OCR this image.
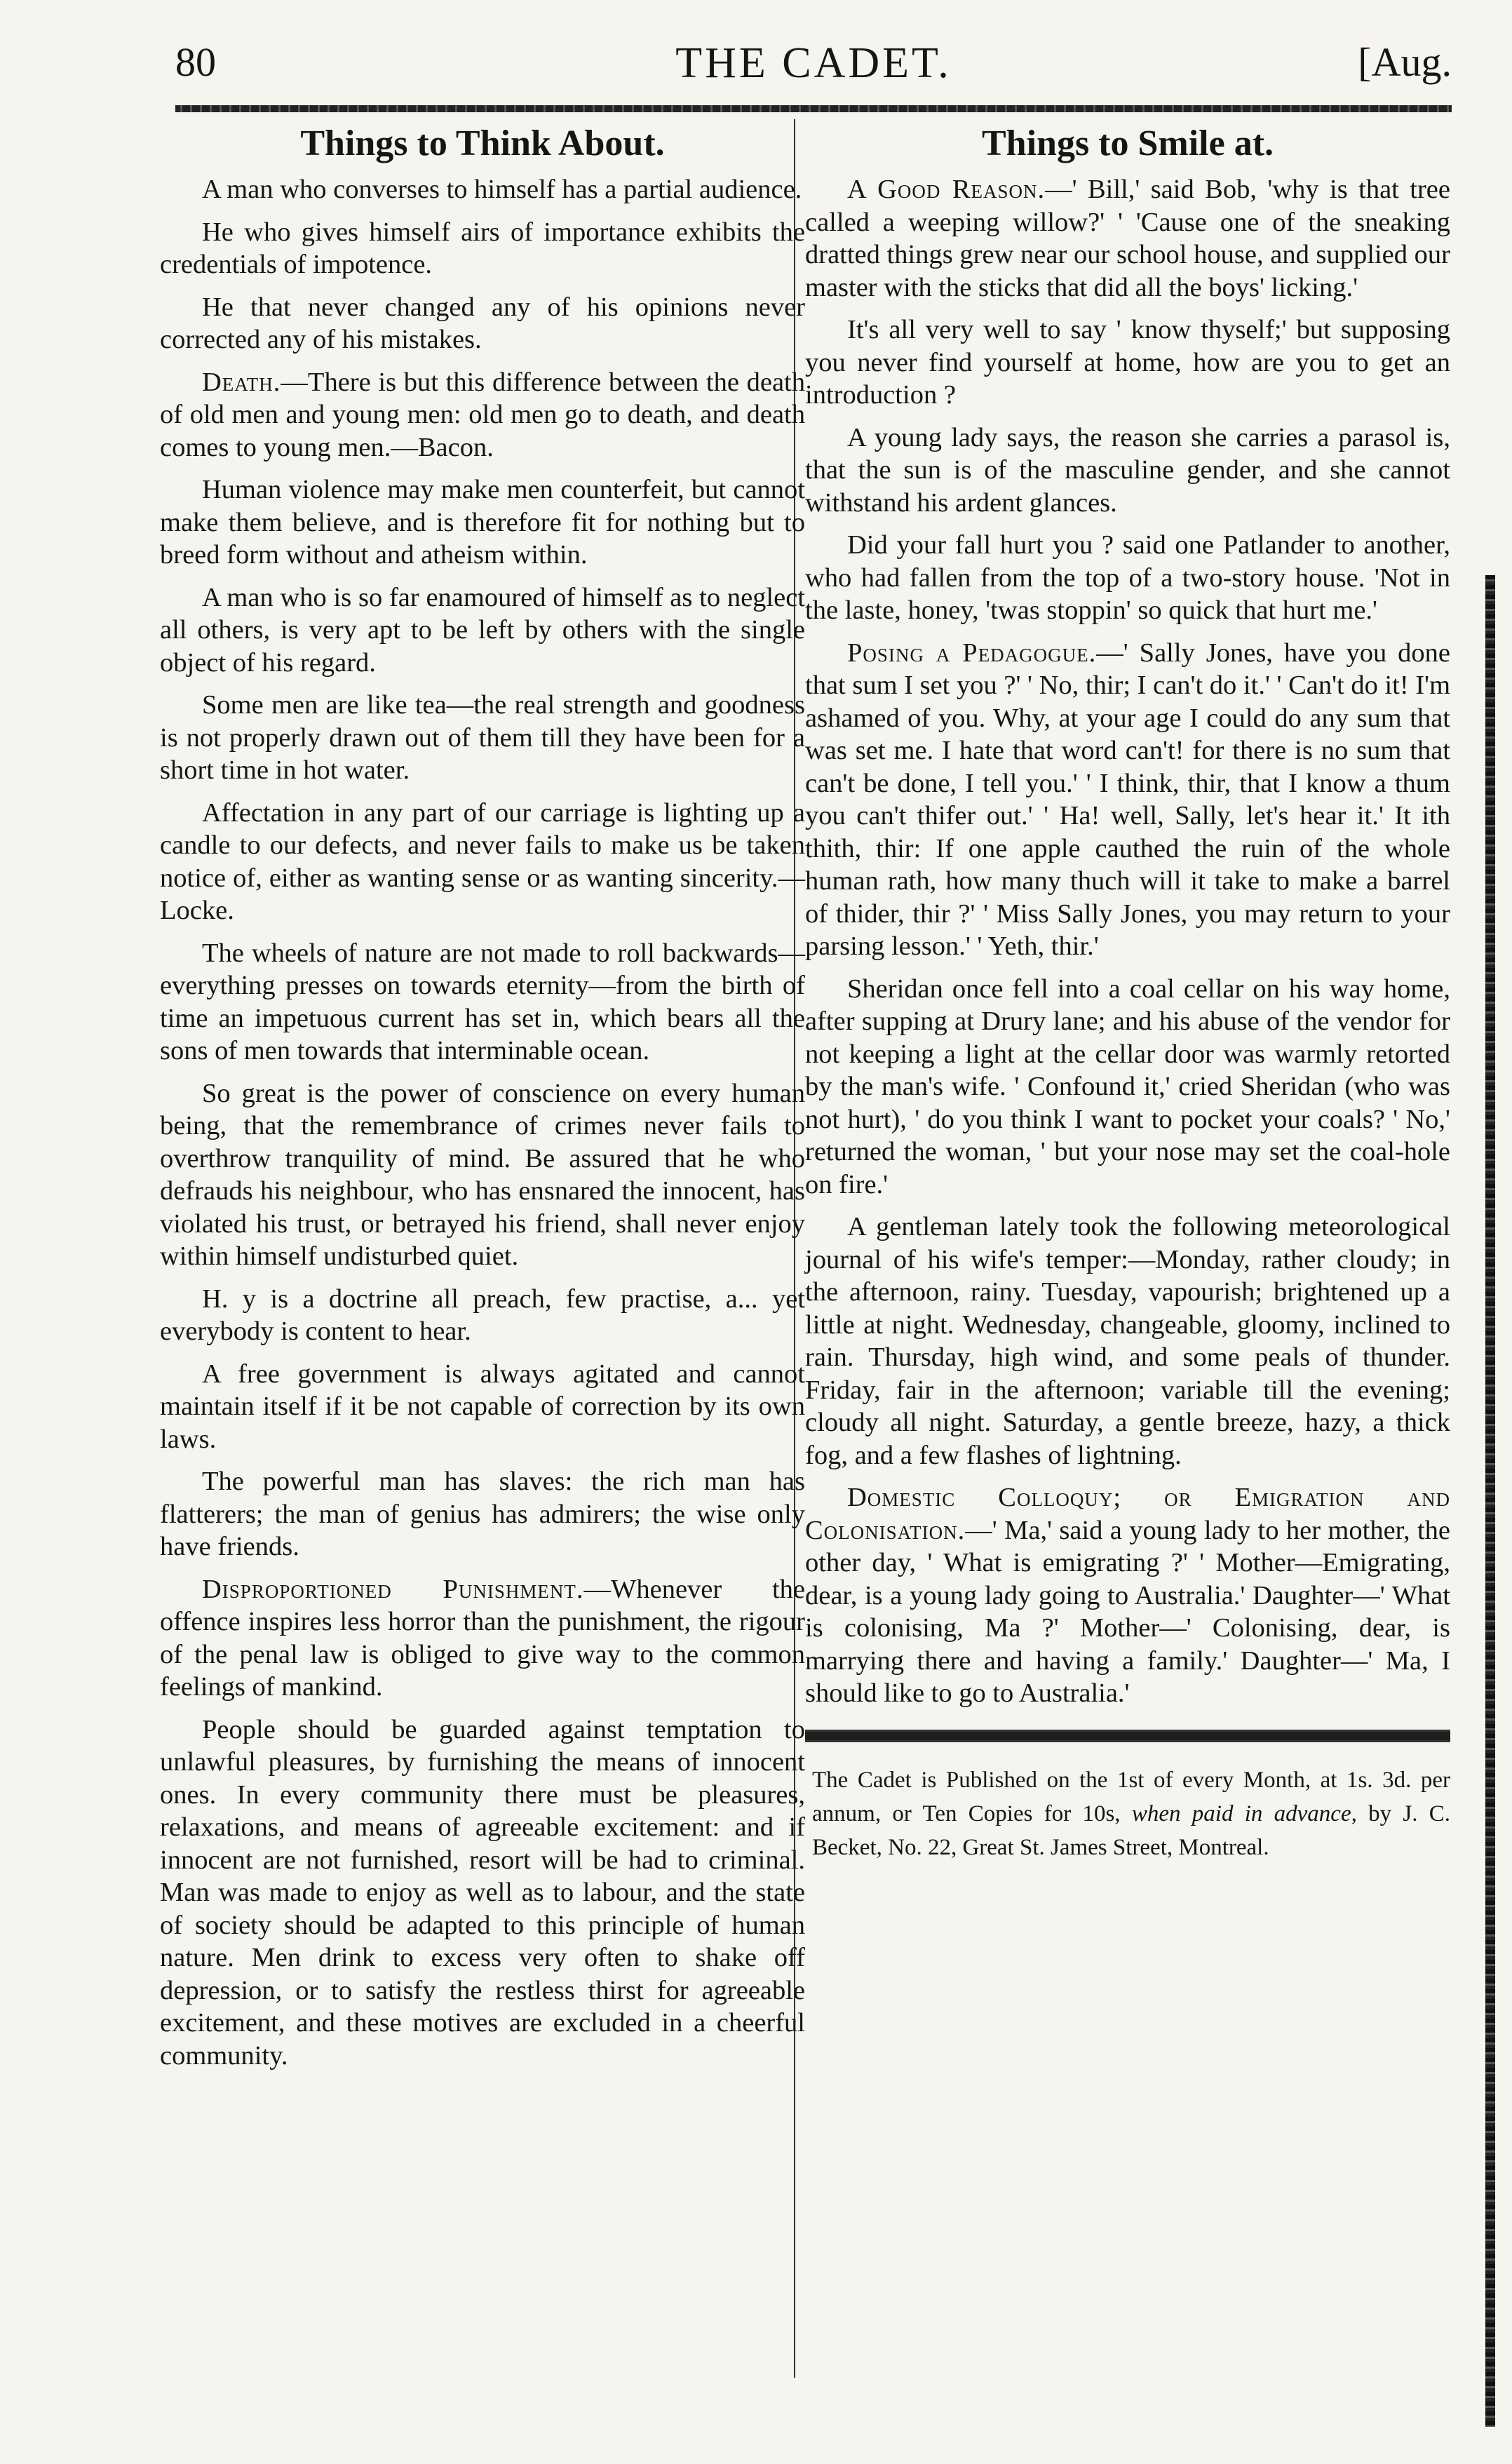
80	THE CADET.	[Aug.
Things to Think About.

A man who converses to himself has a partial audience.

He who gives himself airs of importance exhibits the credentials of impotence.

He that never changed any of his opinions never corrected any of his mistakes.

Death.—There is but this difference between the death of old men and young men: old men go to death, and death comes to young men.—Bacon.

Human violence may make men counterfeit, but cannot make them believe, and is therefore fit for nothing but to breed form without and atheism within.

A man who is so far enamoured of himself as to neglect all others, is very apt to be left by others with the single object of his regard.

Some men are like tea—the real strength and goodness is not properly drawn out of them till they have been for a short time in hot water.

Affectation in any part of our carriage is lighting up a candle to our defects, and never fails to make us be taken notice of, either as wanting sense or as wanting sincerity.—Locke.

The wheels of nature are not made to roll backwards—everything presses on towards eternity—from the birth of time an impetuous current has set in, which bears all the sons of men towards that interminable ocean.

So great is the power of conscience on every human being, that the remembrance of crimes never fails to overthrow tranquility of mind. Be assured that he who defrauds his neighbour, who has ensnared the innocent, has violated his trust, or betrayed his friend, shall never enjoy within himself undisturbed quiet.

H. y is a doctrine all preach, few practise, a... yet everybody is content to hear.

A free government is always agitated and cannot maintain itself if it be not capable of correction by its own laws.

The powerful man has slaves: the rich man has flatterers; the man of genius has admirers; the wise only have friends.

Disproportioned Punishment.—Whenever the offence inspires less horror than the punishment, the rigour of the penal law is obliged to give way to the common feelings of mankind.

People should be guarded against temptation to unlawful pleasures, by furnishing the means of innocent ones. In every community there must be pleasures, relaxations, and means of agreeable excitement: and if innocent are not furnished, resort will be had to criminal. Man was made to enjoy as well as to labour, and the state of society should be adapted to this principle of human nature. Men drink to excess very often to shake off depression, or to satisfy the restless thirst for agreeable excitement, and these motives are excluded in a cheerful community.

Things to Smile at.

A Good Reason.—' Bill,' said Bob, 'why is that tree called a weeping willow?' ' 'Cause one of the sneaking dratted things grew near our school house, and supplied our master with the sticks that did all the boys' licking.'

It's all very well to say ' know thyself;' but supposing you never find yourself at home, how are you to get an introduction ?

A young lady says, the reason she carries a parasol is, that the sun is of the masculine gender, and she cannot withstand his ardent glances.

Did your fall hurt you ? said one Patlander to another, who had fallen from the top of a two-story house. 'Not in the laste, honey, 'twas stoppin' so quick that hurt me.'

Posing a Pedagogue.—' Sally Jones, have you done that sum I set you ?' ' No, thir; I can't do it.' ' Can't do it! I'm ashamed of you. Why, at your age I could do any sum that was set me. I hate that word can't! for there is no sum that can't be done, I tell you.' ' I think, thir, that I know a thum you can't thifer out.' ' Ha! well, Sally, let's hear it.' It ith thith, thir: If one apple cauthed the ruin of the whole human rath, how many thuch will it take to make a barrel of thider, thir ?' ' Miss Sally Jones, you may return to your parsing lesson.' ' Yeth, thir.'

Sheridan once fell into a coal cellar on his way home, after supping at Drury lane; and his abuse of the vendor for not keeping a light at the cellar door was warmly retorted by the man's wife. ' Confound it,' cried Sheridan (who was not hurt), ' do you think I want to pocket your coals? ' No,' returned the woman, ' but your nose may set the coal-hole on fire.'

A gentleman lately took the following meteorological journal of his wife's temper:—Monday, rather cloudy; in the afternoon, rainy. Tuesday, vapourish; brightened up a little at night. Wednesday, changeable, gloomy, inclined to rain. Thursday, high wind, and some peals of thunder. Friday, fair in the afternoon; variable till the evening; cloudy all night. Saturday, a gentle breeze, hazy, a thick fog, and a few flashes of lightning.

Domestic Colloquy; or Emigration and Colonisation.—' Ma,' said a young lady to her mother, the other day, ' What is emigrating ?' ' Mother—Emigrating, dear, is a young lady going to Australia.' Daughter—' What is colonising, Ma ?' Mother—' Colonising, dear, is marrying there and having a family.' Daughter—' Ma, I should like to go to Australia.'

The Cadet is Published on the 1st of every Month, at 1s. 3d. per annum, or Ten Copies for 10s, when paid in advance, by J. C. Becket, No. 22, Great St. James Street, Montreal.
